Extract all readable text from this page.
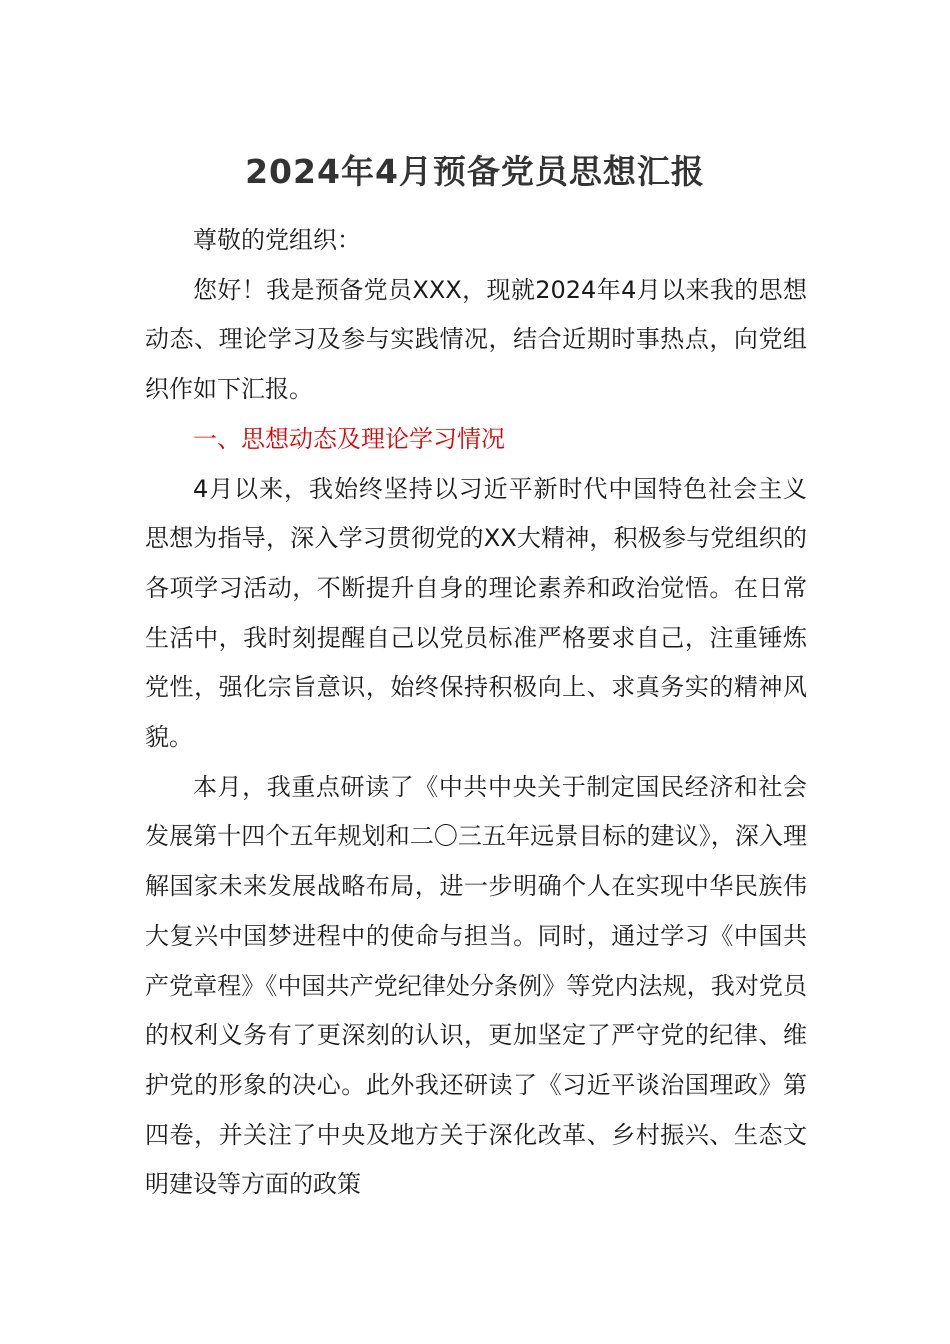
2024年4月预备党员思想汇报

尊敬的党组织：

您好！我是预备党员XXX，现就2024年4月以来我的思想动态、理论学习及参与实践情况，结合近期时事热点，向党组织作如下汇报。

一、思想动态及理论学习情况

4月以来，我始终坚持以习近平新时代中国特色社会主义思想为指导，深入学习贯彻党的XX大精神，积极参与党组织的各项学习活动，不断提升自身的理论素养和政治觉悟。在日常生活中，我时刻提醒自己以党员标准严格要求自己，注重锤炼党性，强化宗旨意识，始终保持积极向上、求真务实的精神风貌。

本月，我重点研读了《中共中央关于制定国民经济和社会发展第十四个五年规划和二〇三五年远景目标的建议》，深入理解国家未来发展战略布局，进一步明确个人在实现中华民族伟大复兴中国梦进程中的使命与担当。同时，通过学习《中国共产党章程》《中国共产党纪律处分条例》等党内法规，我对党员的权利义务有了更深刻的认识，更加坚定了严守党的纪律、维护党的形象的决心。此外我还研读了《习近平谈治国理政》第四卷，并关注了中央及地方关于深化改革、乡村振兴、生态文明建设等方面的政策
